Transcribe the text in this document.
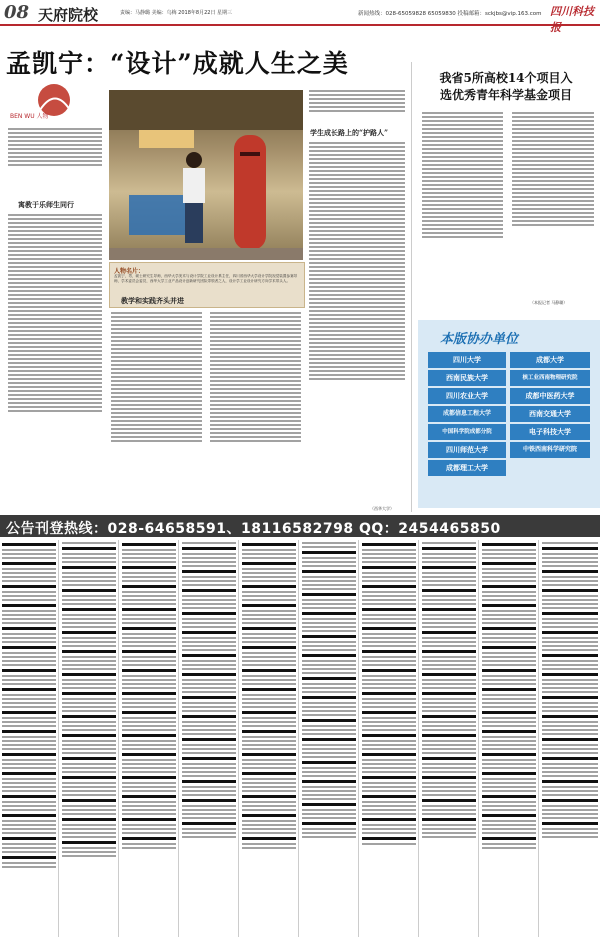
08 天府院校	责编：马静璐 美编：乌梅 2018年8月22日 星期三	新闻热线：028-65059828 65059830 投稿邮箱：sckjbs@vip.163.com 四川科技报
孟凯宁：“设计”成就人生之美
BEN WU 人物
寓教于乐师生同行
人物名片：
孟凯宁，男，硕士研究生导师，西华大学美术与设计学院工业设计系主任，四川省西华大学设计学院视觉装置参赛导师，学术委员会委员，西华大学工业产品设计创新研究团队带领者之人，设计学工业设计研究方向学术带头人。
教学和实践齐头并进
学生成长路上的“护路人”
（西华大学）
我省5所高校14个项目入
选优秀青年科学基金项目
（本报记者 马静璐）
本版协办单位
四川大学	成都大学
西南民族大学	核工业西南物理研究院
四川农业大学	成都中医药大学
成都信息工程大学	西南交通大学
中国科学院成都分院	电子科技大学
四川师范大学	中铁西南科学研究院
成都理工大学
公告刊登热线：028-64658591、18116582798 QQ：2454465850
